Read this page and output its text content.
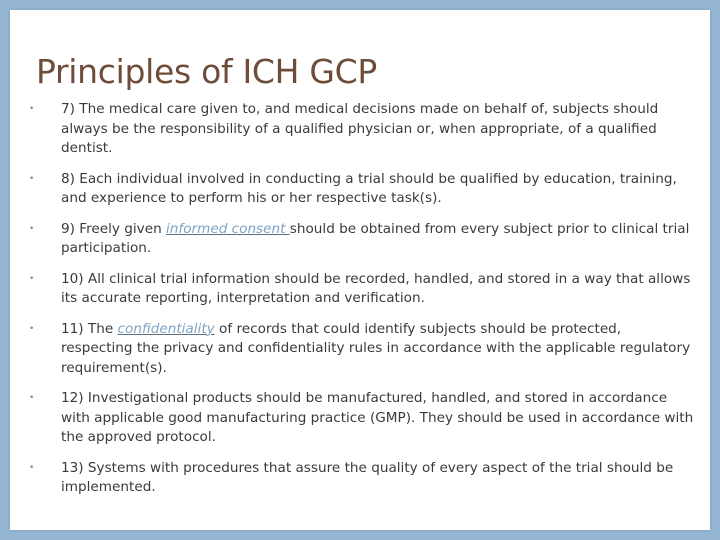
Principles of ICH GCP
• 7) The medical care given to, and medical decisions made on behalf of, subjects should always be the responsibility of a qualified physician or, when appropriate, of a qualified dentist.
• 8) Each individual involved in conducting a trial should be qualified by education, training, and experience to perform his or her respective task(s).
• 9) Freely given informed consent should be obtained from every subject prior to clinical trial participation.
• 10) All clinical trial information should be recorded, handled, and stored in a way that allows its accurate reporting, interpretation and verification.
• 11) The confidentiality of records that could identify subjects should be protected, respecting the privacy and confidentiality rules in accordance with the applicable regulatory requirement(s).
• 12) Investigational products should be manufactured, handled, and stored in accordance with applicable good manufacturing practice (GMP). They should be used in accordance with the approved protocol.
• 13) Systems with procedures that assure the quality of every aspect of the trial should be implemented.
